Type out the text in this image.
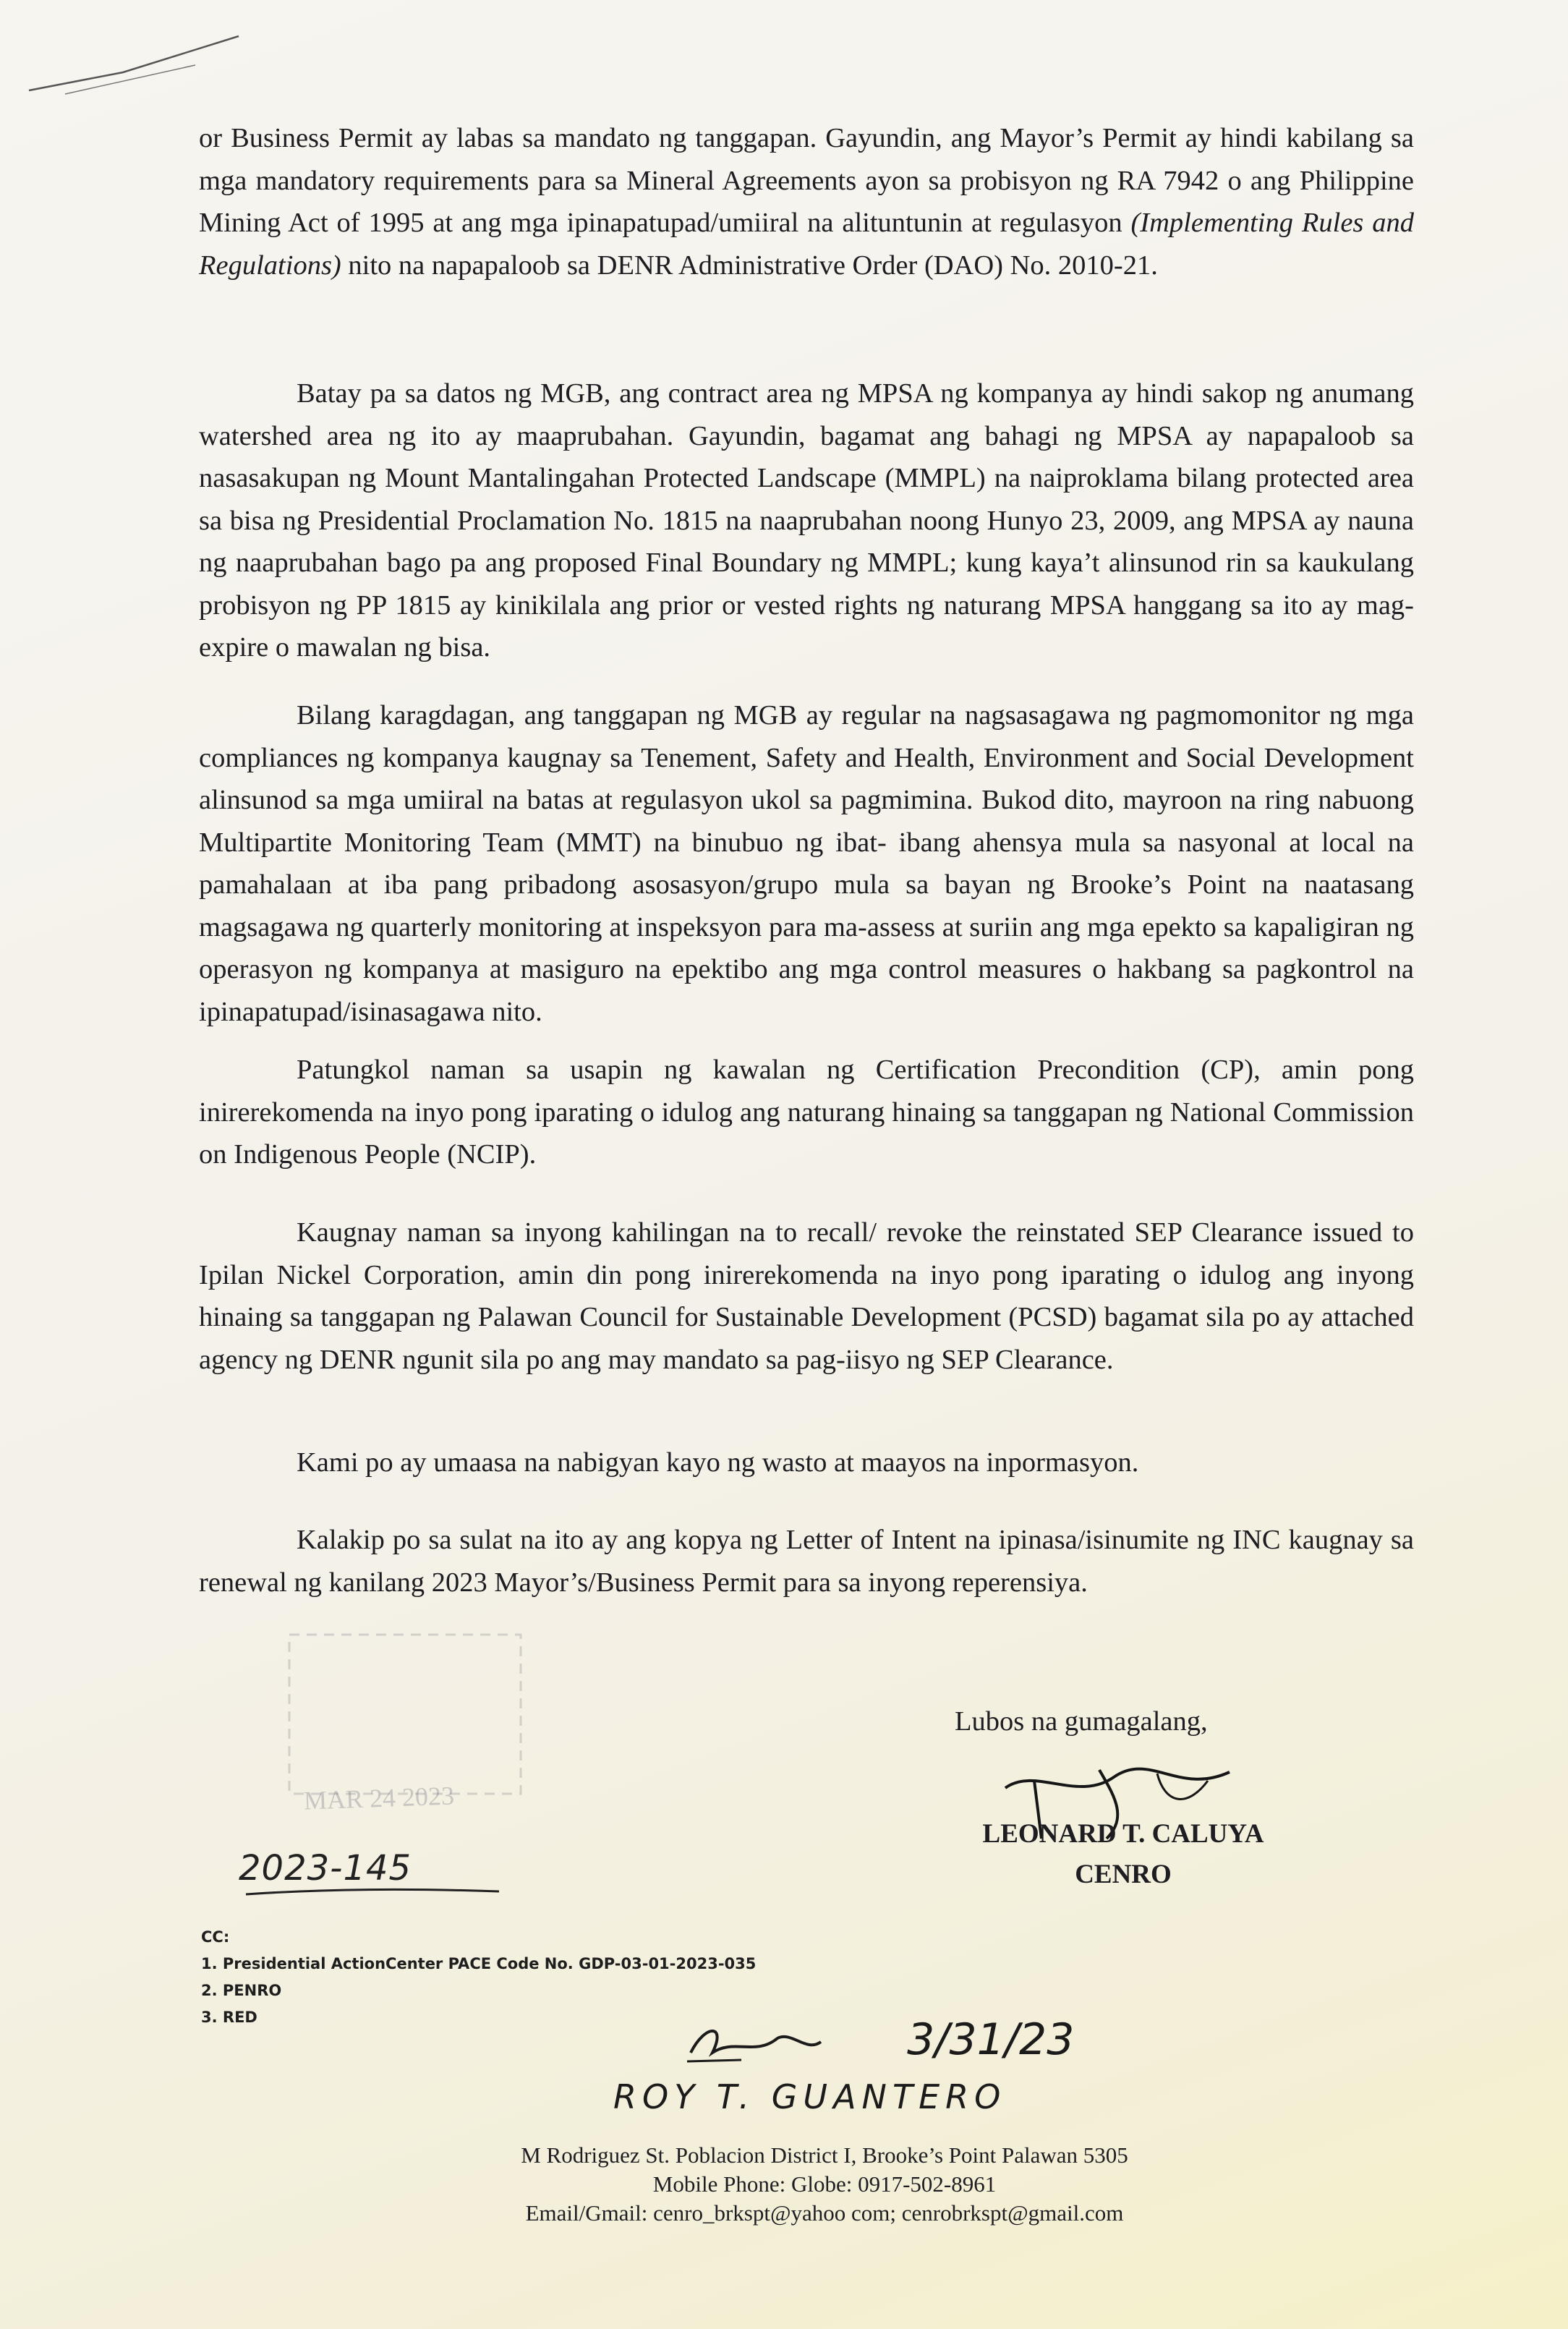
or Business Permit ay labas sa mandato ng tanggapan. Gayundin, ang Mayor’s Permit ay hindi kabilang sa mga mandatory requirements para sa Mineral Agreements ayon sa probisyon ng RA 7942 o ang Philippine Mining Act of 1995 at ang mga ipinapatupad/umiiral na alituntunin at regulasyon (Implementing Rules and Regulations) nito na napapaloob sa DENR Administrative Order (DAO) No. 2010-21.

Batay pa sa datos ng MGB, ang contract area ng MPSA ng kompanya ay hindi sakop ng anumang watershed area ng ito ay maaprubahan. Gayundin, bagamat ang bahagi ng MPSA ay napapaloob sa nasasakupan ng Mount Mantalingahan Protected Landscape (MMPL) na naiproklama bilang protected area sa bisa ng Presidential Proclamation No. 1815 na naaprubahan noong Hunyo 23, 2009, ang MPSA ay nauna ng naaprubahan bago pa ang proposed Final Boundary ng MMPL; kung kaya’t alinsunod rin sa kaukulang probisyon ng PP 1815 ay kinikilala ang prior or vested rights ng naturang MPSA hanggang sa ito ay mag- expire o mawalan ng bisa.

Bilang karagdagan, ang tanggapan ng MGB ay regular na nagsasagawa ng pagmomonitor ng mga compliances ng kompanya kaugnay sa Tenement, Safety and Health, Environment and Social Development alinsunod sa mga umiiral na batas at regulasyon ukol sa pagmimina. Bukod dito, mayroon na ring nabuong Multipartite Monitoring Team (MMT) na binubuo ng ibat- ibang ahensya mula sa nasyonal at local na pamahalaan at iba pang pribadong asosasyon/grupo mula sa bayan ng Brooke’s Point na naatasang magsagawa ng quarterly monitoring at inspeksyon para ma-assess at suriin ang mga epekto sa kapaligiran ng operasyon ng kompanya at masiguro na epektibo ang mga control measures o hakbang sa pagkontrol na ipinapatupad/isinasagawa nito.

Patungkol naman sa usapin ng kawalan ng Certification Precondition (CP), amin pong inirerekomenda na inyo pong iparating o idulog ang naturang hinaing sa tanggapan ng National Commission on Indigenous People (NCIP).

Kaugnay naman sa inyong kahilingan na to recall/ revoke the reinstated SEP Clearance issued to Ipilan Nickel Corporation, amin din pong inirerekomenda na inyo pong iparating o idulog ang inyong hinaing sa tanggapan ng Palawan Council for Sustainable Development (PCSD) bagamat sila po ay attached agency ng DENR ngunit sila po ang may mandato sa pag-iisyo ng SEP Clearance.

Kami po ay umaasa na nabigyan kayo ng wasto at maayos na inpormasyon.

Kalakip po sa sulat na ito ay ang kopya ng Letter of Intent na ipinasa/isinumite ng INC kaugnay sa renewal ng kanilang 2023 Mayor’s/Business Permit para sa inyong reperensiya.

MAR 24 2023

Lubos na gumagalang,

LEONARD T. CALUYA
CENRO
2023-145
CC:
1. Presidential ActionCenter PACE Code No. GDP-03-01-2023-035
2. PENRO
3. RED	3/31/23
ROY T. GUANTERO
M Rodriguez St. Poblacion District I, Brooke’s Point Palawan 5305
Mobile Phone: Globe: 0917-502-8961
Email/Gmail: cenro_brkspt@yahoo com; cenrobrkspt@gmail.com
